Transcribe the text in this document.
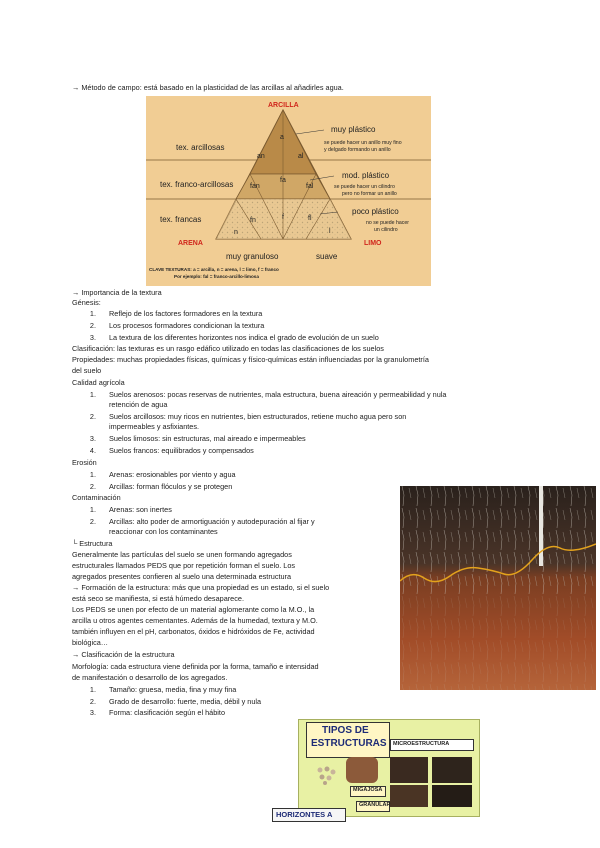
→ Método de campo: está basado en la plasticidad de las arcillas al añadirles agua.
ARCILLA
tex. arcillosas
tex. franco-arcillosas
tex. francas
muy plástico
se puede hacer un anillo muy fino
y delgado formando un anillo
mod. plástico
se puede hacer un cilindro
pero no formar un anillo
poco plástico
no se puede hacer
un cilindro
ARENA	LIMO
muy granuloso	suave
CLAVE TEXTURAS: a = arcilla, n = arena, l = limo, f = franco
Por ejemplo: fal = franco-arcillo-limosa
a
an	al
fa
fan	fal
f
fn	fl
n	l
→ Importancia de la textura
Génesis:
1. Reflejo de los factores formadores en la textura
2. Los procesos formadores condicionan la textura
3. La textura de los diferentes horizontes nos indica el grado de evolución de un suelo
Clasificación: las texturas es un rasgo edáfico utilizado en todas las clasificaciones de los suelos
Propiedades: muchas propiedades físicas, químicas y físico-químicas están influenciadas por la granulometría
del suelo
Calidad agrícola
1. Suelos arenosos: pocas reservas de nutrientes, mala estructura, buena aireación y permeabilidad y nula
retención de agua
2. Suelos arcillosos: muy ricos en nutrientes, bien estructurados, retiene mucho agua pero son
impermeables y asfixiantes.
3. Suelos limosos: sin estructuras, mal aireado e impermeables
4. Suelos francos: equilibrados y compensados
Erosión
1. Arenas: erosionables por viento y agua
2. Arcillas: forman flóculos y se protegen
Contaminación
1. Arenas: son inertes
2. Arcillas: alto poder de armortiguación y autodepuración al fijar y
reaccionar con los contaminantes
└ Estructura
Generalmente las partículas del suelo se unen formando agregados
estructurales llamados PEDS que por repetición forman el suelo. Los
agregados presentes confieren al suelo una determinada estructura
→ Formación de la estructura: más que una propiedad es un estado, si el suelo
está seco se manifiesta, si está húmedo desaparece.
Los PEDS se unen por efecto de un material aglomerante como la M.O., la
arcilla u otros agentes cementantes. Además de la humedad, textura y M.O.
también influyen en el pH, carbonatos, óxidos e hidróxidos de Fe, actividad
biológica…
→ Clasificación de la estructura
Morfología: cada estructura viene definida por la forma, tamaño e intensidad
de manifestación o desarrollo de los agregados.
1. Tamaño: gruesa, media, fina y muy fina
2. Grado de desarrollo: fuerte, media, débil y nula
3. Forma: clasificación según el hábito
TIPOS DE
ESTRUCTURAS MICROESTRUCTURA
MIGAJOSA
GRANULAR
HORIZONTES A
